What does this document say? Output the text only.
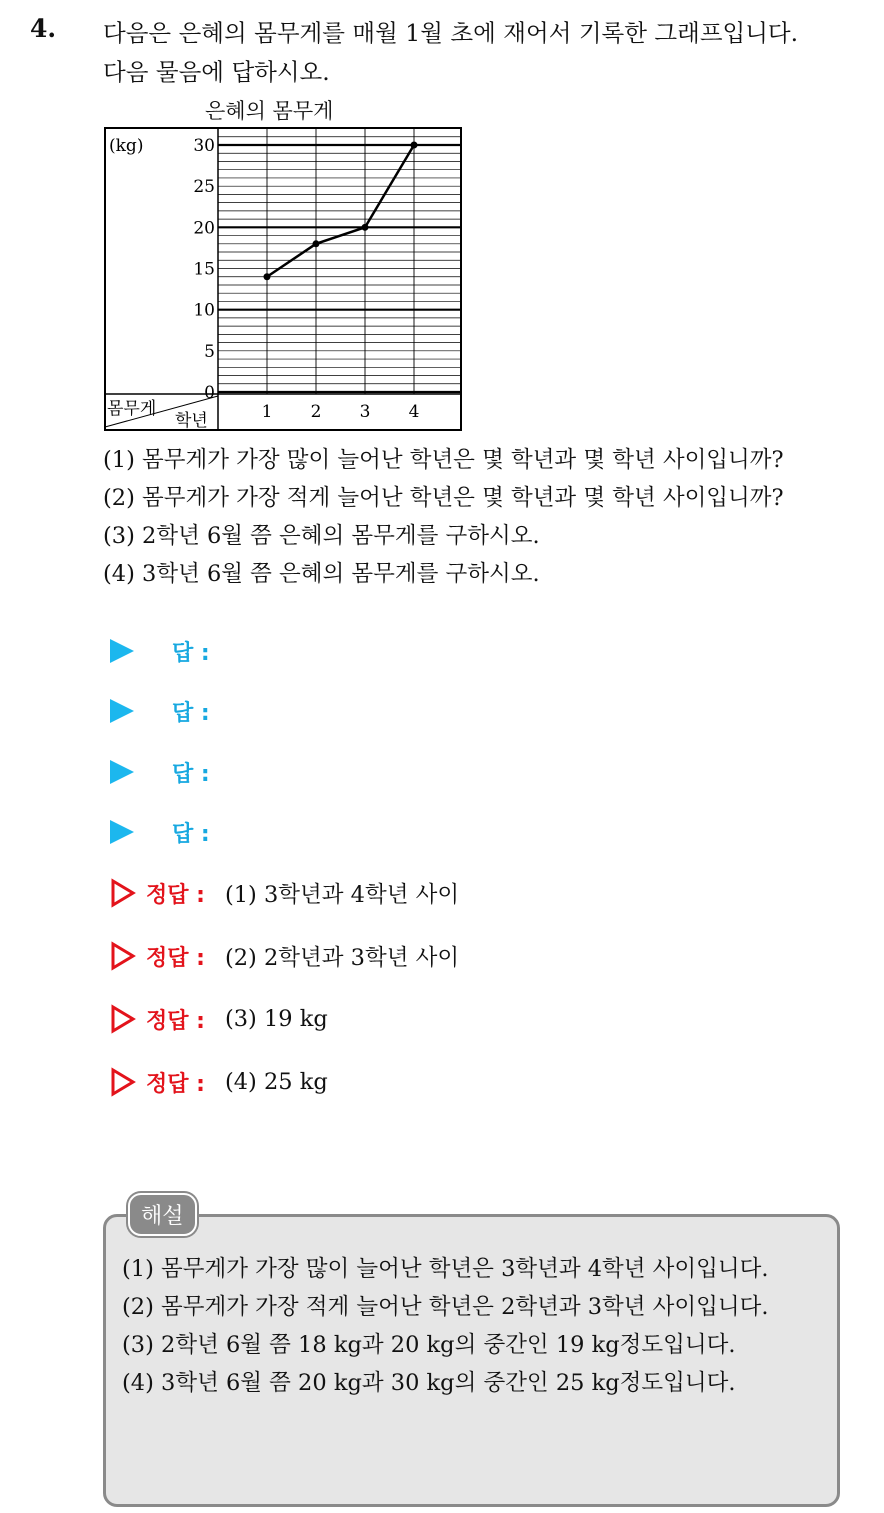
4. 다음은 은혜의 몸무게를 매월 1월 초에 재어서 기록한 그래프입니다.
다음 물음에 답하시오.
은혜의 몸무게
몸무게
학년
(kg)	30
25
20
15
10
5
0
1 2 3 4
(1) 몸무게가 가장 많이 늘어난 학년은 몇 학년과 몇 학년 사이입니까?
(2) 몸무게가 가장 적게 늘어난 학년은 몇 학년과 몇 학년 사이입니까?
(3) 2학년 6월 쯤 은혜의 몸무게를 구하시오.
(4) 3학년 6월 쯤 은혜의 몸무게를 구하시오.
답 :
답 :
답 :
답 :
정답 : (1) 3학년과 4학년 사이
정답 : (2) 2학년과 3학년 사이
정답 : (3) 19 kg
정답 : (4) 25 kg
해설
(1) 몸무게가 가장 많이 늘어난 학년은 3학년과 4학년 사이입니다.
(2) 몸무게가 가장 적게 늘어난 학년은 2학년과 3학년 사이입니다.
(3) 2학년 6월 쯤 18 kg과 20 kg의 중간인 19 kg정도입니다.
(4) 3학년 6월 쯤 20 kg과 30 kg의 중간인 25 kg정도입니다.
